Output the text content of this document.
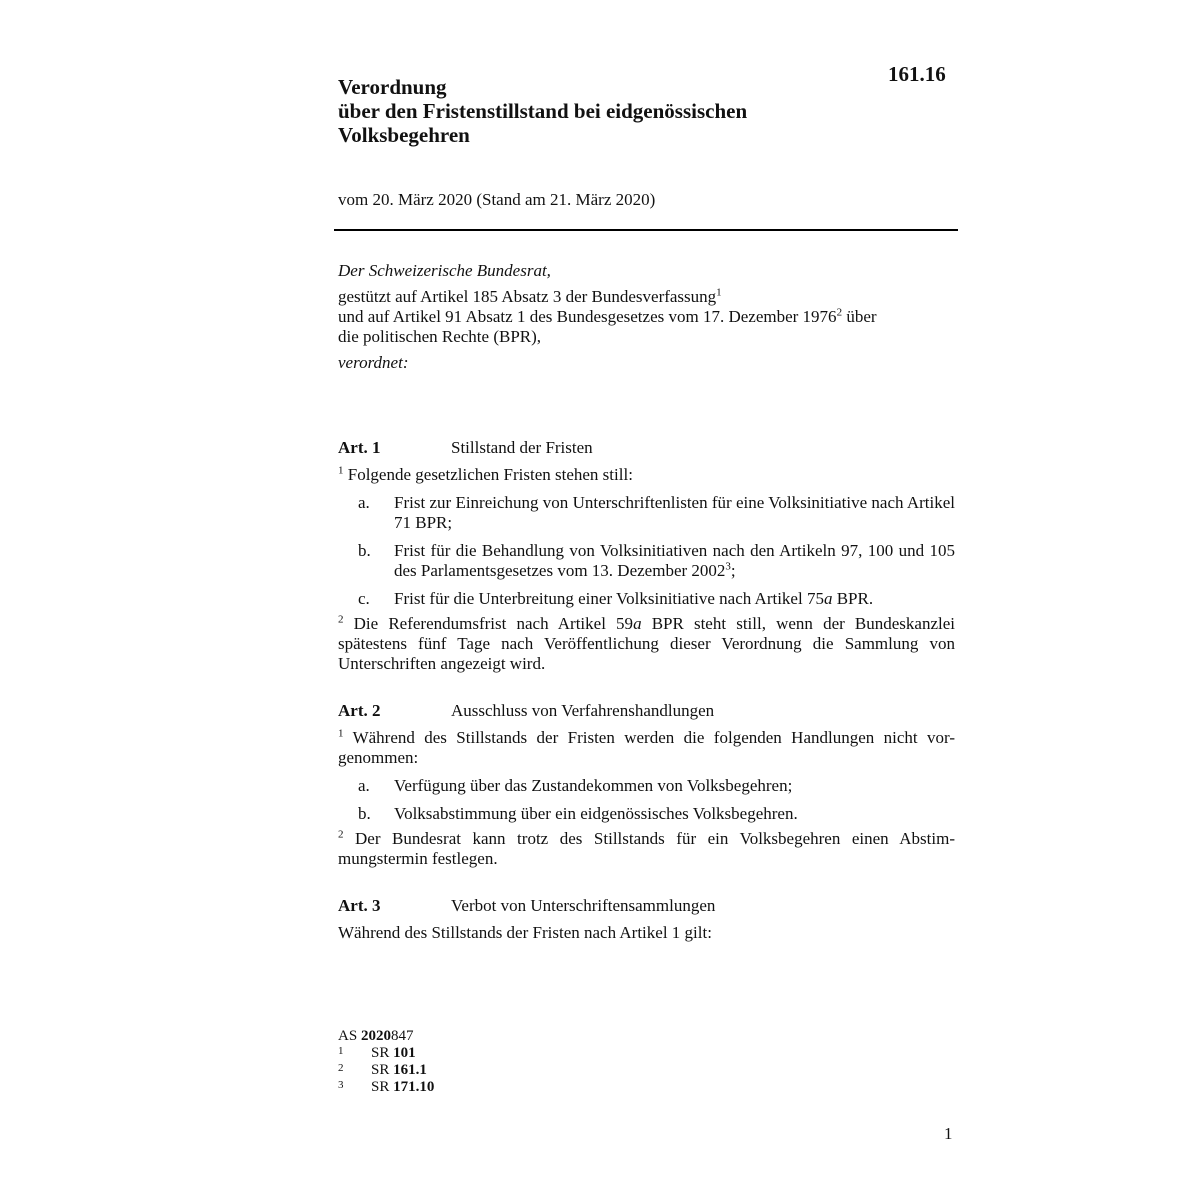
161.16
Verordnung
über den Fristenstillstand bei eidgenössischen
Volksbegehren
vom 20. März 2020 (Stand am 21. März 2020)
Der Schweizerische Bundesrat,
gestützt auf Artikel 185 Absatz 3 der Bundesverfassung$^1$
und auf Artikel 91 Absatz 1 des Bundesgesetzes vom 17. Dezember 1976$^2$ über
die politischen Rechte (BPR),
verordnet:
Art. 1	Stillstand der Fristen

$^1$ Folgende gesetzlichen Fristen stehen still:

a.	Frist zur Einreichung von Unterschriftenlisten für eine Volksinitiative nach Artikel 71 BPR;
b.	Frist für die Behandlung von Volksinitiativen nach den Artikeln 97, 100 und 105 des Parlamentsgesetzes vom 13. Dezember 2002$^3$;
c.	Frist für die Unterbreitung einer Volksinitiative nach Artikel 75a BPR.

$^2$ Die Referendumsfrist nach Artikel 59a BPR steht still, wenn der Bundeskanzlei spätestens fünf Tage nach Veröffentlichung dieser Verordnung die Sammlung von Unterschriften angezeigt wird.

Art. 2	Ausschluss von Verfahrenshandlungen

$^1$ Während des Stillstands der Fristen werden die folgenden Handlungen nicht vor-genommen:

a.	Verfügung über das Zustandekommen von Volksbegehren;
b.	Volksabstimmung über ein eidgenössisches Volksbegehren.

$^2$ Der Bundesrat kann trotz des Stillstands für ein Volksbegehren einen Abstim-mungstermin festlegen.

Art. 3	Verbot von Unterschriftensammlungen

Während des Stillstands der Fristen nach Artikel 1 gilt:

AS
2020 847
1	SR 101
2	SR 161.1
3	SR 171.10
1
